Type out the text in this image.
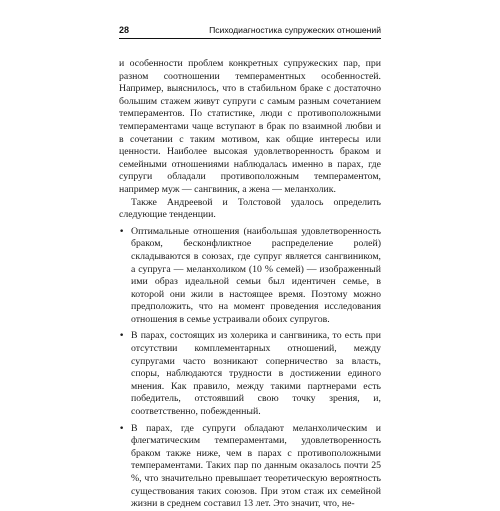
28	Психодиагностика супружеских отношений

и особенности проблем конкретных супружеских пар, при разном соотношении темпераментных особенностей. Например, выяснилось, что в стабильном браке с достаточно большим стажем живут супруги с самым разным сочетанием темпераментов. По статистике, люди с противоположными темпераментами чаще вступают в брак по взаимной любви и в сочетании с таким мотивом, как общие интересы или ценности. Наиболее высокая удовлетворенность браком и семейными отношениями наблюдалась именно в парах, где супруги обладали противоположным темпераментом, например муж — сангвиник, а жена — меланхолик.

Также Андреевой и Толстовой удалось определить следующие тенденции.

• Оптимальные отношения (наибольшая удовлетворенность браком, бесконфликтное распределение ролей) складываются в союзах, где супруг является сангвиником, а супруга — меланхоликом (10 % семей) — изображенный ими образ идеальной семьи был идентичен семье, в которой они жили в настоящее время. Поэтому можно предположить, что на момент проведения исследования отношения в семье устраивали обоих супругов.

• В парах, состоящих из холерика и сангвиника, то есть при отсутствии комплементарных отношений, между супругами часто возникают соперничество за власть, споры, наблюдаются трудности в достижении единого мнения. Как правило, между такими партнерами есть победитель, отстоявший свою точку зрения, и, соответственно, побежденный.

• В парах, где супруги обладают меланхолическим и флегматическим темпераментами, удовлетворенность браком также ниже, чем в парах с противоположными темпераментами. Таких пар по данным оказалось почти 25 %, что значительно превышает теоретическую вероятность существования таких союзов. При этом стаж их семейной жизни в среднем составил 13 лет. Это значит, что, не-
